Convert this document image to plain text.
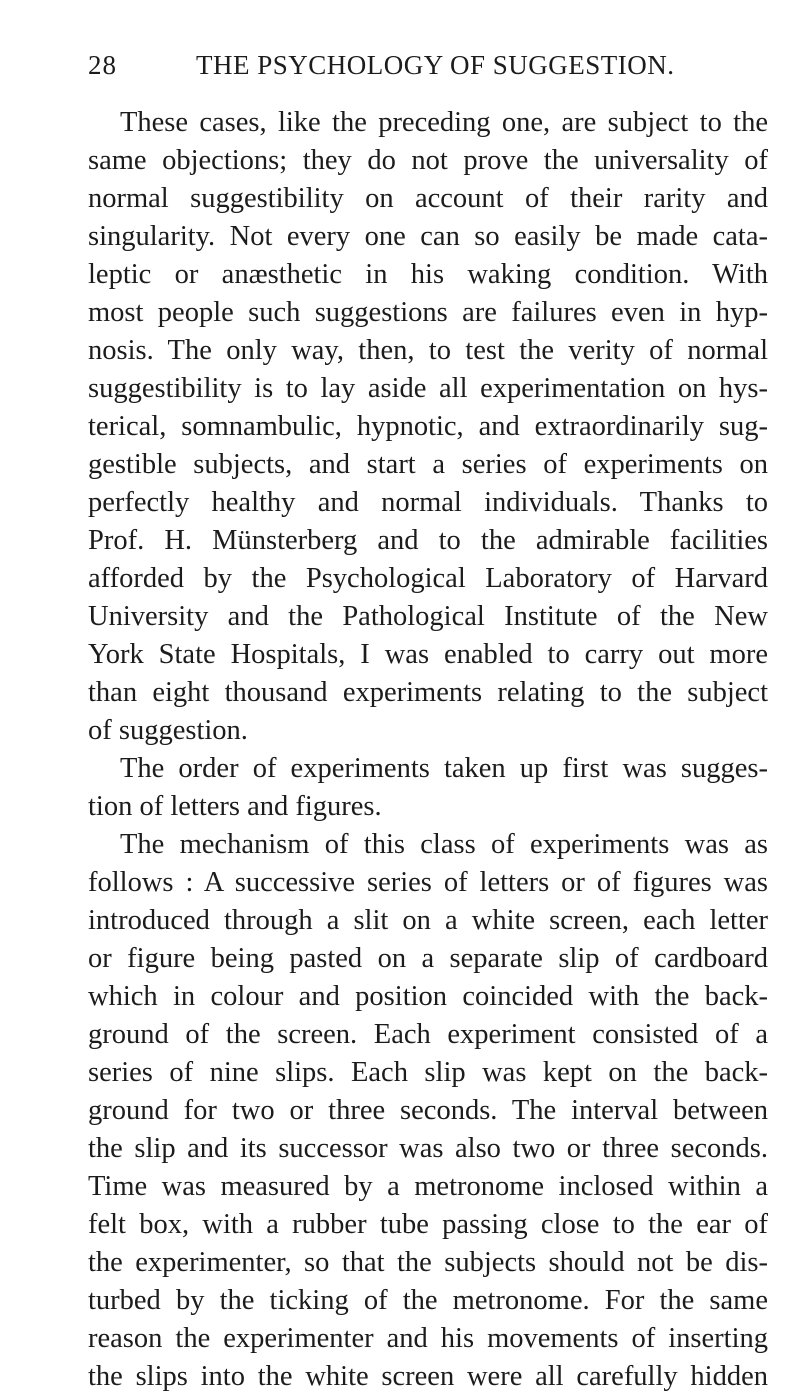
28	THE PSYCHOLOGY OF SUGGESTION.
These cases, like the preceding one, are subject to the
same objections; they do not prove the universality of
normal suggestibility on account of their rarity and
singularity. Not every one can so easily be made cata-
leptic or anæsthetic in his waking condition. With
most people such suggestions are failures even in hyp-
nosis. The only way, then, to test the verity of normal
suggestibility is to lay aside all experimentation on hys-
terical, somnambulic, hypnotic, and extraordinarily sug-
gestible subjects, and start a series of experiments on
perfectly healthy and normal individuals. Thanks to
Prof. H. Münsterberg and to the admirable facilities
afforded by the Psychological Laboratory of Harvard
University and the Pathological Institute of the New
York State Hospitals, I was enabled to carry out more
than eight thousand experiments relating to the subject
of suggestion.
The order of experiments taken up first was sugges-
tion of letters and figures.
The mechanism of this class of experiments was as
follows : A successive series of letters or of figures was
introduced through a slit on a white screen, each letter
or figure being pasted on a separate slip of cardboard
which in colour and position coincided with the back-
ground of the screen. Each experiment consisted of a
series of nine slips. Each slip was kept on the back-
ground for two or three seconds. The interval between
the slip and its successor was also two or three seconds.
Time was measured by a metronome inclosed within a
felt box, with a rubber tube passing close to the ear of
the experimenter, so that the subjects should not be dis-
turbed by the ticking of the metronome. For the same
reason the experimenter and his movements of inserting
the slips into the white screen were all carefully hidden
